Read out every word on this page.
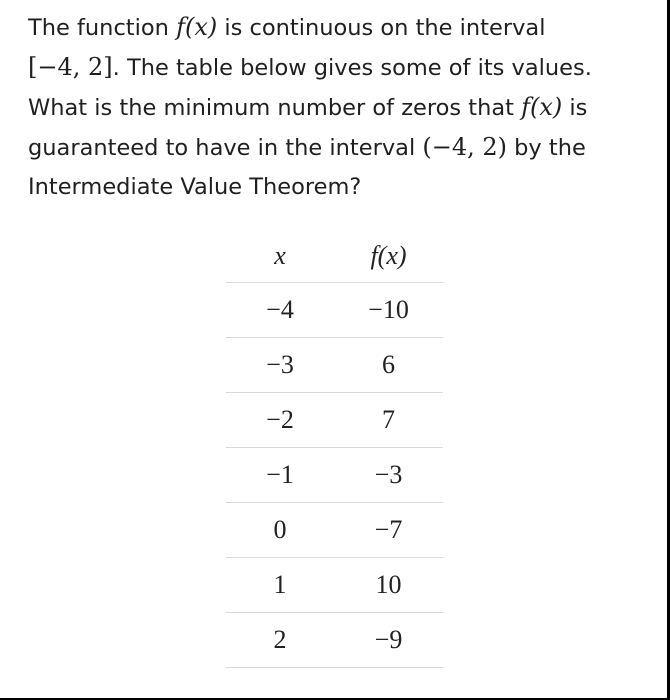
The function f(x) is continuous on the interval
[−4, 2]. The table below gives some of its values.
What is the minimum number of zeros that f(x) is
guaranteed to have in the interval (−4, 2) by the
Intermediate Value Theorem?
x	f(x)
−4	−10
−3	6
−2	7
−1	−3
0	−7
1	10
2	−9
